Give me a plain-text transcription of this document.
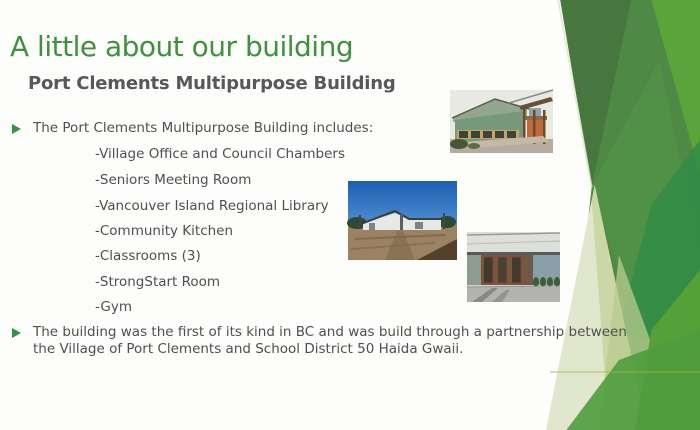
A little about our building
Port Clements Multipurpose Building
The Port Clements Multipurpose Building includes:
-Village Office and Council Chambers
-Seniors Meeting Room
-Vancouver Island Regional Library
-Community Kitchen
-Classrooms (3)
-StrongStart Room
-Gym
The building was the first of its kind in BC and was build through a partnership between the Village of Port Clements and School District 50 Haida Gwaii.
